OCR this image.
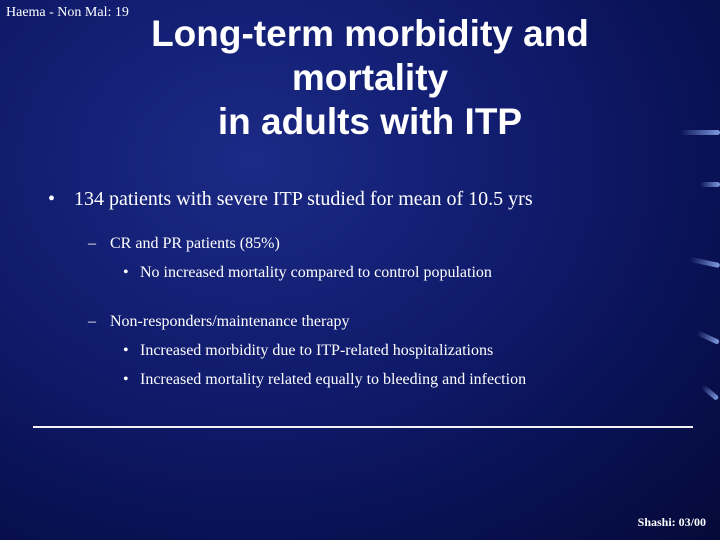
Haema - Non Mal: 19
Long-term morbidity and
mortality
in adults with ITP
• 134 patients with severe ITP studied for mean of 10.5 yrs
– CR and PR patients (85%)
• No increased mortality compared to control population
– Non-responders/maintenance therapy
• Increased morbidity due to ITP-related hospitalizations
• Increased mortality related equally to bleeding and infection
Shashi: 03/00
